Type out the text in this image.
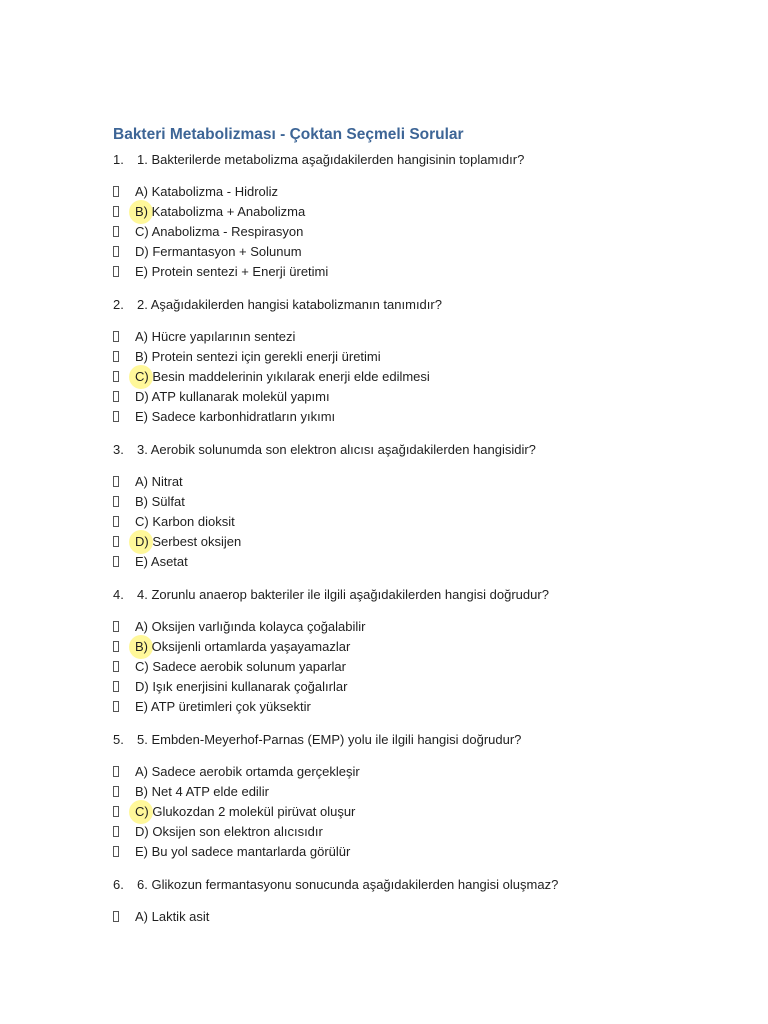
Bakteri Metabolizması - Çoktan Seçmeli Sorular
1. 1. Bakterilerde metabolizma aşağıdakilerden hangisinin toplamıdır?
A) Katabolizma - Hidroliz
B) Katabolizma + Anabolizma
C) Anabolizma - Respirasyon
D) Fermantasyon + Solunum
E) Protein sentezi + Enerji üretimi
2. 2. Aşağıdakilerden hangisi katabolizmanın tanımıdır?
A) Hücre yapılarının sentezi
B) Protein sentezi için gerekli enerji üretimi
C) Besin maddelerinin yıkılarak enerji elde edilmesi
D) ATP kullanarak molekül yapımı
E) Sadece karbonhidratların yıkımı
3. 3. Aerobik solunumda son elektron alıcısı aşağıdakilerden hangisidir?
A) Nitrat
B) Sülfat
C) Karbon dioksit
D) Serbest oksijen
E) Asetat
4. 4. Zorunlu anaerop bakteriler ile ilgili aşağıdakilerden hangisi doğrudur?
A) Oksijen varlığında kolayca çoğalabilir
B) Oksijenli ortamlarda yaşayamazlar
C) Sadece aerobik solunum yaparlar
D) Işık enerjisini kullanarak çoğalırlar
E) ATP üretimleri çok yüksektir
5. 5. Embden-Meyerhof-Parnas (EMP) yolu ile ilgili hangisi doğrudur?
A) Sadece aerobik ortamda gerçekleşir
B) Net 4 ATP elde edilir
C) Glukozdan 2 molekül pirüvat oluşur
D) Oksijen son elektron alıcısıdır
E) Bu yol sadece mantarlarda görülür
6. 6. Glikozun fermantasyonu sonucunda aşağıdakilerden hangisi oluşmaz?
A) Laktik asit
